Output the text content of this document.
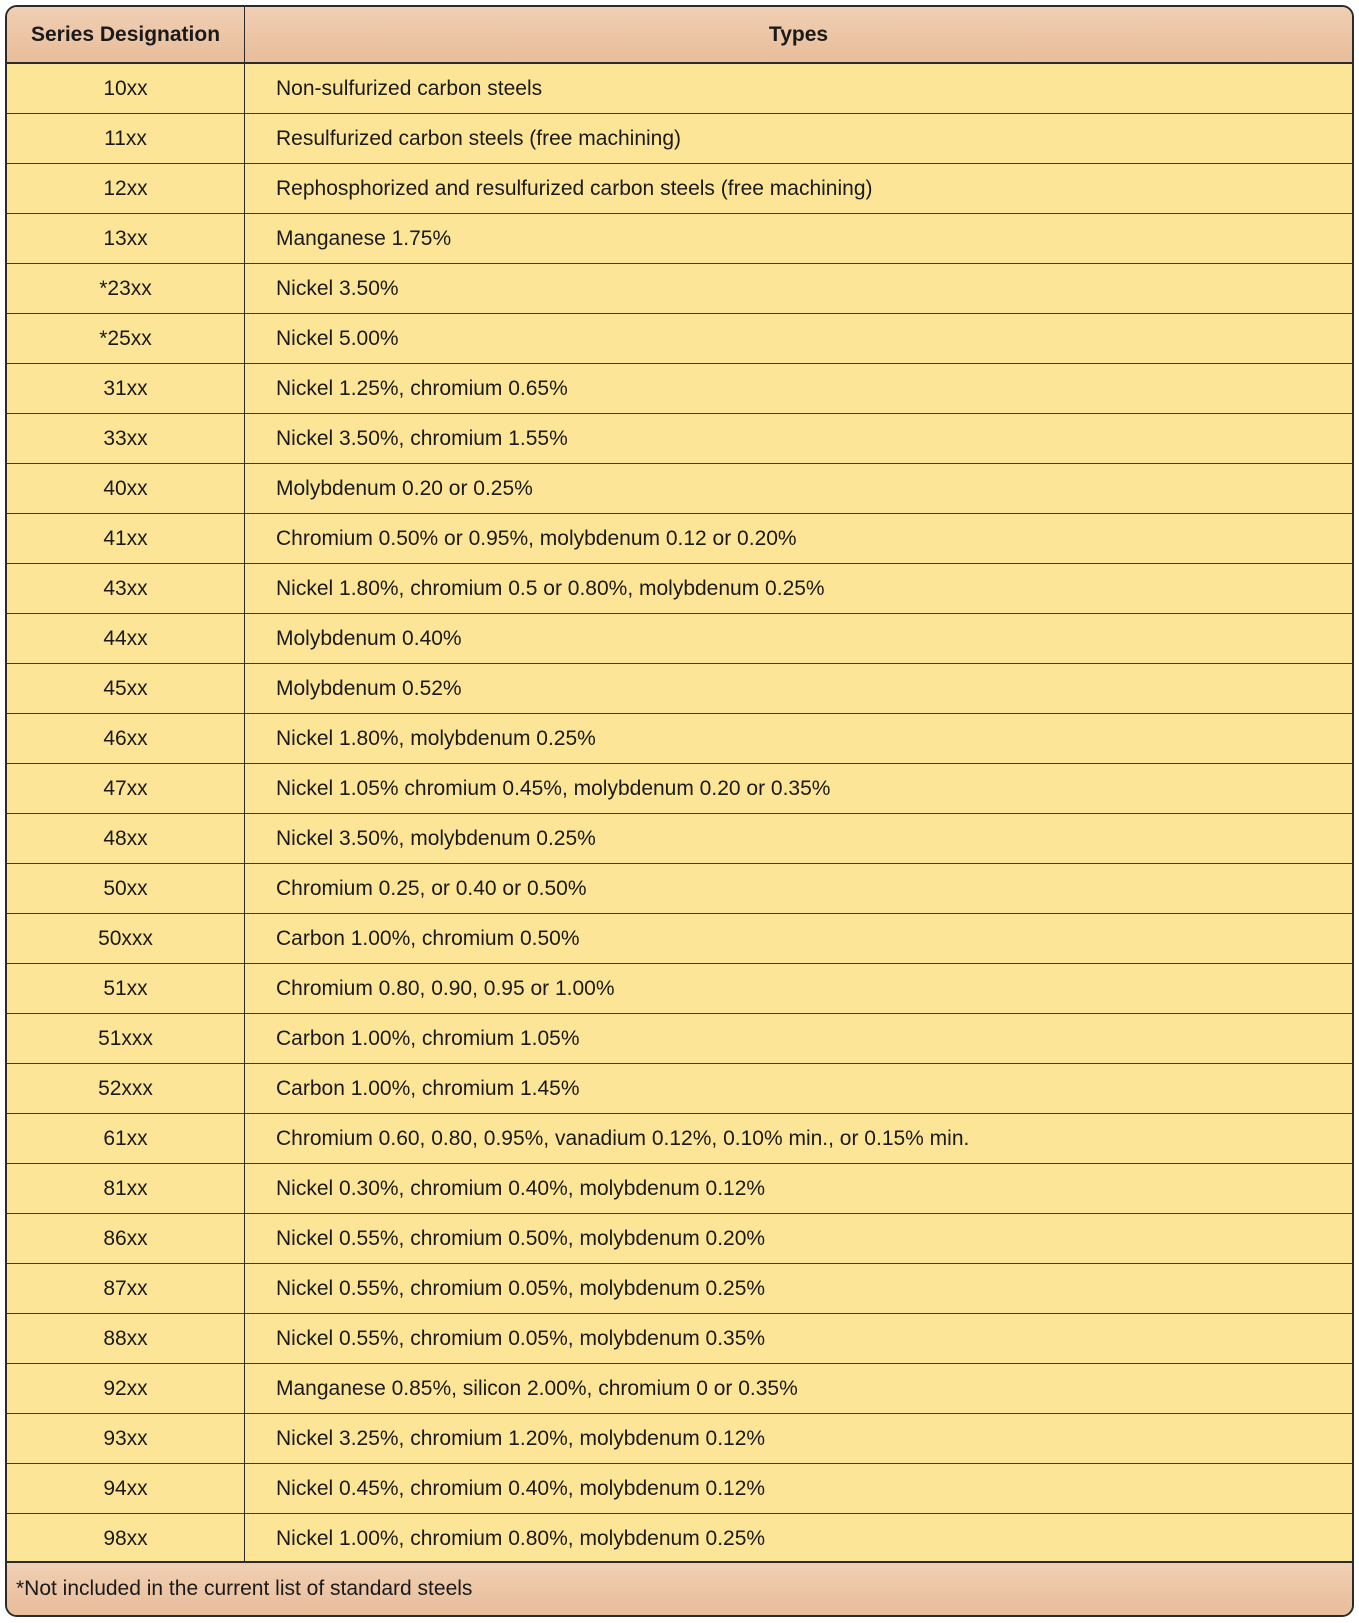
Series Designation	Types
10xx	Non-sulfurized carbon steels
11xx	Resulfurized carbon steels (free machining)
12xx	Rephosphorized and resulfurized carbon steels (free machining)
13xx	Manganese 1.75%
*23xx	Nickel 3.50%
*25xx	Nickel 5.00%
31xx	Nickel 1.25%, chromium 0.65%
33xx	Nickel 3.50%, chromium 1.55%
40xx	Molybdenum 0.20 or 0.25%
41xx	Chromium 0.50% or 0.95%, molybdenum 0.12 or 0.20%
43xx	Nickel 1.80%, chromium 0.5 or 0.80%, molybdenum 0.25%
44xx	Molybdenum 0.40%
45xx	Molybdenum 0.52%
46xx	Nickel 1.80%, molybdenum 0.25%
47xx	Nickel 1.05% chromium 0.45%, molybdenum 0.20 or 0.35%
48xx	Nickel 3.50%, molybdenum 0.25%
50xx	Chromium 0.25, or 0.40 or 0.50%
50xxx	Carbon 1.00%, chromium 0.50%
51xx	Chromium 0.80, 0.90, 0.95 or 1.00%
51xxx	Carbon 1.00%, chromium 1.05%
52xxx	Carbon 1.00%, chromium 1.45%
61xx	Chromium 0.60, 0.80, 0.95%, vanadium 0.12%, 0.10% min., or 0.15% min.
81xx	Nickel 0.30%, chromium 0.40%, molybdenum 0.12%
86xx	Nickel 0.55%, chromium 0.50%, molybdenum 0.20%
87xx	Nickel 0.55%, chromium 0.05%, molybdenum 0.25%
88xx	Nickel 0.55%, chromium 0.05%, molybdenum 0.35%
92xx	Manganese 0.85%, silicon 2.00%, chromium 0 or 0.35%
93xx	Nickel 3.25%, chromium 1.20%, molybdenum 0.12%
94xx	Nickel 0.45%, chromium 0.40%, molybdenum 0.12%
98xx	Nickel 1.00%, chromium 0.80%, molybdenum 0.25%
*Not included in the current list of standard steels
